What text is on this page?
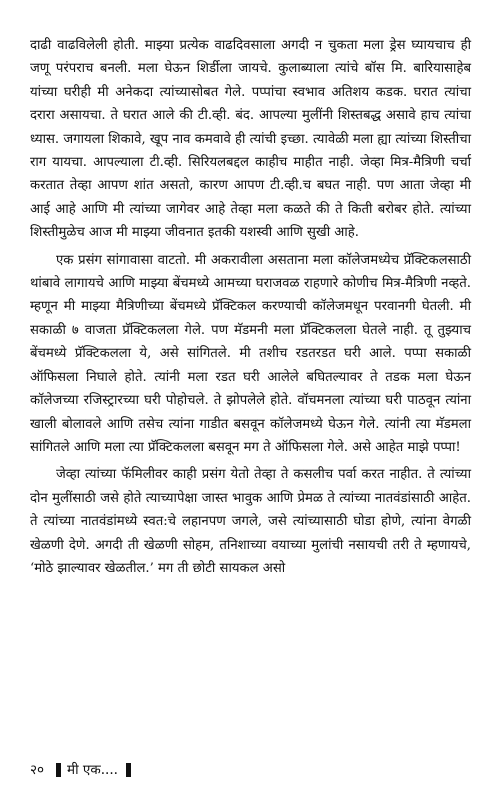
दाढी वाढविलेली होती. माझ्या प्रत्येक वाढदिवसाला अगदी न चुकता मला ड्रेस घ्यायचाच ही जणू परंपराच बनली. मला घेऊन शिर्डीला जायचे. कुलाब्याला त्यांचे बॉस मि. बारियासाहेब यांच्या घरीही मी अनेकदा त्यांच्यासोबत गेले. पप्पांचा स्वभाव अतिशय कडक. घरात त्यांचा दरारा असायचा. ते घरात आले की टी.व्ही. बंद. आपल्या मुलींनी शिस्तबद्ध असावे हाच त्यांचा ध्यास. जगायला शिकावे, खूप नाव कमवावे ही त्यांची इच्छा. त्यावेळी मला ह्या त्यांच्या शिस्तीचा राग यायचा. आपल्याला टी.व्ही. सिरियलबद्दल काहीच माहीत नाही. जेव्हा मित्र-मैत्रिणी चर्चा करतात तेव्हा आपण शांत असतो, कारण आपण टी.व्ही.च बघत नाही. पण आता जेव्हा मी आई आहे आणि मी त्यांच्या जागेवर आहे तेव्हा मला कळते की ते किती बरोबर होते. त्यांच्या शिस्तीमुळेच आज मी माझ्या जीवनात इतकी यशस्वी आणि सुखी आहे.

एक प्रसंग सांगावासा वाटतो. मी अकरावीला असताना मला कॉलेजमध्येच प्रॅक्टिकलसाठी थांबावे लागायचे आणि माझ्या बेंचमध्ये आमच्या घराजवळ राहणारे कोणीच मित्र-मैत्रिणी नव्हते. म्हणून मी माझ्या मैत्रिणीच्या बेंचमध्ये प्रॅक्टिकल करण्याची कॉलेजमधून परवानगी घेतली. मी सकाळी ७ वाजता प्रॅक्टिकलला गेले. पण मॅडमनी मला प्रॅक्टिकलला घेतले नाही. तू तुझ्याच बेंचमध्ये प्रॅक्टिकलला ये, असे सांगितले. मी तशीच रडतरडत घरी आले. पप्पा सकाळी ऑफिसला निघाले होते. त्यांनी मला रडत घरी आलेले बघितल्यावर ते तडक मला घेऊन कॉलेजच्या रजिस्ट्रारच्या घरी पोहोचले. ते झोपलेले होते. वॉचमनला त्यांच्या घरी पाठवून त्यांना खाली बोलावले आणि तसेच त्यांना गाडीत बसवून कॉलेजमध्ये घेऊन गेले. त्यांनी त्या मॅडमला सांगितले आणि मला त्या प्रॅक्टिकलला बसवून मग ते ऑफिसला गेले. असे आहेत माझे पप्पा!

जेव्हा त्यांच्या फॅमिलीवर काही प्रसंग येतो तेव्हा ते कसलीच पर्वा करत नाहीत. ते त्यांच्या दोन मुलींसाठी जसे होते त्याच्यापेक्षा जास्त भावुक आणि प्रेमळ ते त्यांच्या नातवंडांसाठी आहेत. ते त्यांच्या नातवंडांमध्ये स्वत:चे लहानपण जगले, जसे त्यांच्यासाठी घोडा होणे, त्यांना वेगळी खेळणी देणे. अगदी ती खेळणी सोहम, तनिशाच्या वयाच्या मुलांची नसायची तरी ते म्हणायचे, ‘मोठे झाल्यावर खेळतील.’ मग ती छोटी सायकल असो

२० मी एक....
